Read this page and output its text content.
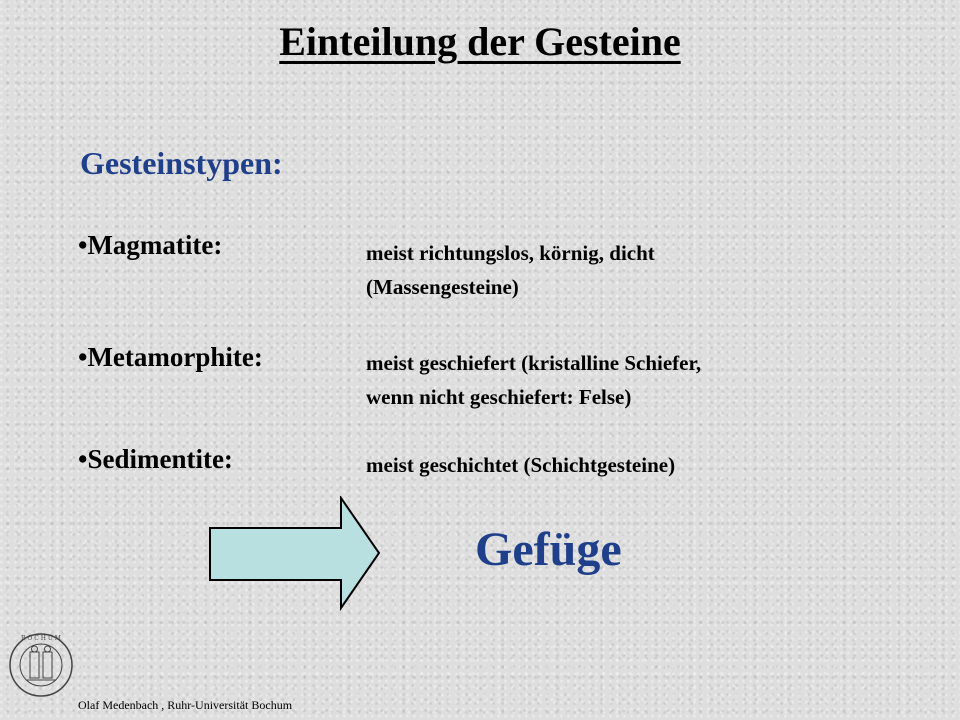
Einteilung der Gesteine
Gesteinstypen:
•Magmatite:	meist richtungslos, körnig, dicht
(Massengesteine)
•Metamorphite:	meist geschiefert (kristalline Schiefer,
wenn nicht geschiefert: Felse)
•Sedimentite:	meist geschichtet (Schichtgesteine)
Gefüge
B O C H U M
Olaf Medenbach , Ruhr-Universität Bochum
